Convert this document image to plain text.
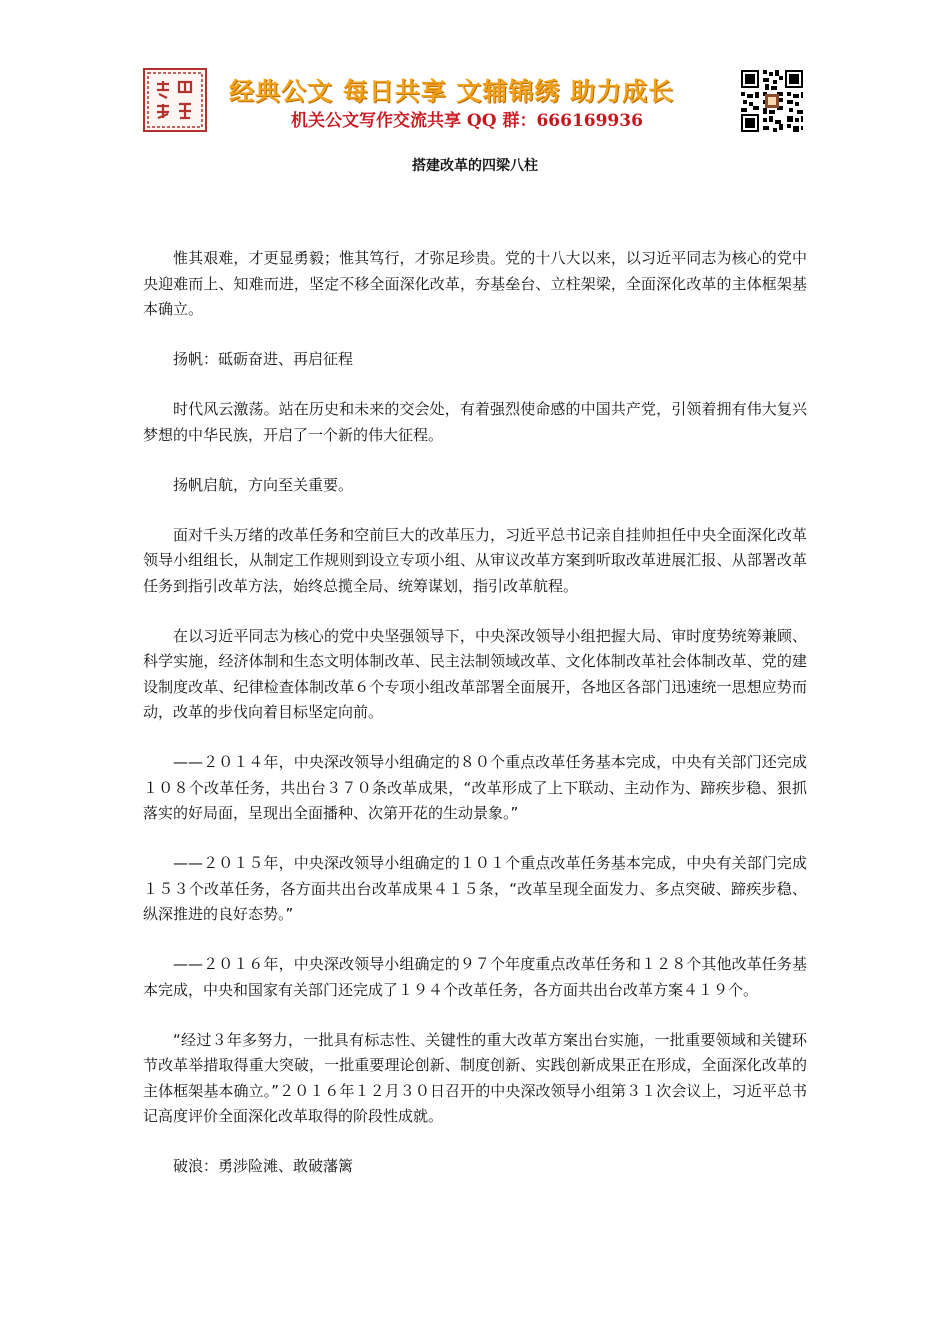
经典公文 每日共享 文辅锦绣 助力成长
机关公文写作交流共享 QQ 群：666169936
搭建改革的四梁八柱

惟其艰难，才更显勇毅；惟其笃行，才弥足珍贵。党的十八大以来，以习近平同志为核心的党中央迎难而上、知难而进，坚定不移全面深化改革，夯基垒台、立柱架梁，全面深化改革的主体框架基本确立。

扬帆：砥砺奋进、再启征程

时代风云激荡。站在历史和未来的交会处，有着强烈使命感的中国共产党，引领着拥有伟大复兴梦想的中华民族，开启了一个新的伟大征程。

扬帆启航，方向至关重要。

面对千头万绪的改革任务和空前巨大的改革压力，习近平总书记亲自挂帅担任中央全面深化改革领导小组组长，从制定工作规则到设立专项小组、从审议改革方案到听取改革进展汇报、从部署改革任务到指引改革方法，始终总揽全局、统筹谋划，指引改革航程。

在以习近平同志为核心的党中央坚强领导下，中央深改领导小组把握大局、审时度势统筹兼顾、科学实施，经济体制和生态文明体制改革、民主法制领域改革、文化体制改革社会体制改革、党的建设制度改革、纪律检查体制改革６个专项小组改革部署全面展开，各地区各部门迅速统一思想应势而动，改革的步伐向着目标坚定向前。

——２０１４年，中央深改领导小组确定的８０个重点改革任务基本完成，中央有关部门还完成１０８个改革任务，共出台３７０条改革成果，“改革形成了上下联动、主动作为、蹄疾步稳、狠抓落实的好局面，呈现出全面播种、次第开花的生动景象。”

——２０１５年，中央深改领导小组确定的１０１个重点改革任务基本完成，中央有关部门完成１５３个改革任务，各方面共出台改革成果４１５条，“改革呈现全面发力、多点突破、蹄疾步稳、纵深推进的良好态势。”

——２０１６年，中央深改领导小组确定的９７个年度重点改革任务和１２８个其他改革任务基本完成，中央和国家有关部门还完成了１９４个改革任务，各方面共出台改革方案４１９个。

“经过３年多努力，一批具有标志性、关键性的重大改革方案出台实施，一批重要领域和关键环节改革举措取得重大突破，一批重要理论创新、制度创新、实践创新成果正在形成，全面深化改革的主体框架基本确立。”２０１６年１２月３０日召开的中央深改领导小组第３１次会议上，习近平总书记高度评价全面深化改革取得的阶段性成就。

破浪：勇涉险滩、敢破藩篱
